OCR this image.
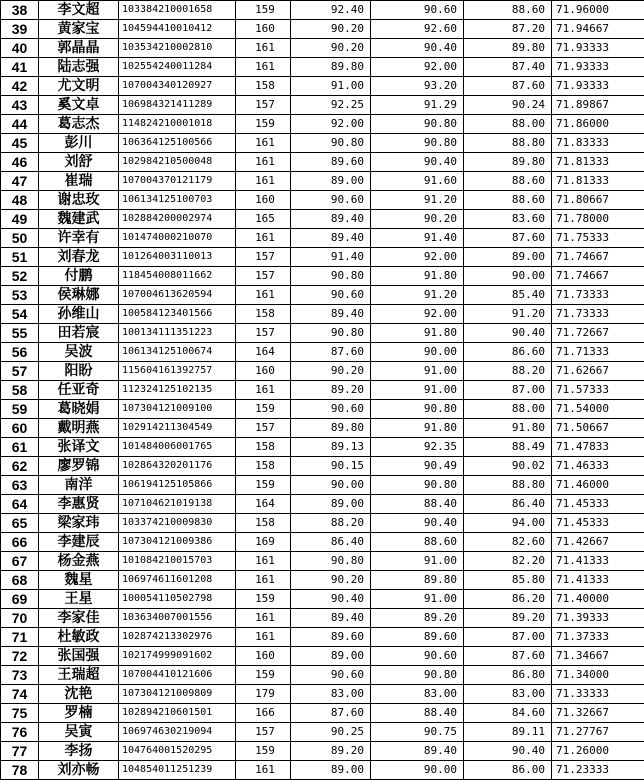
38	李文超	103384210001658	159	92.40	90.60	88.60	71.96000
39	黄家宝	104594410010412	160	90.20	92.60	87.20	71.94667
40	郭晶晶	103534210002810	161	90.20	90.40	89.80	71.93333
41	陆志强	102554240011284	161	89.80	92.00	87.40	71.93333
42	尤文明	107004340120927	158	91.00	93.20	87.60	71.93333
43	奚文卓	106984321411289	157	92.25	91.29	90.24	71.89867
44	葛志杰	114824210001018	159	92.00	90.80	88.00	71.86000
45	彭川	106364125100566	161	90.80	90.80	88.80	71.83333
46	刘舒	102984210500048	161	89.60	90.40	89.80	71.81333
47	崔瑞	107004370121179	161	89.00	91.60	88.60	71.81333
48	谢忠玫	106134125100703	160	90.60	91.20	88.60	71.80667
49	魏建武	102884200002974	165	89.40	90.20	83.60	71.78000
50	许幸有	101474000210070	161	89.40	91.40	87.60	71.75333
51	刘春龙	101264003110013	157	91.40	92.00	89.00	71.74667
52	付鹏	118454008011662	157	90.80	91.80	90.00	71.74667
53	侯琳娜	107004613620594	161	90.60	91.20	85.40	71.73333
54	孙维山	100584123401566	158	89.40	92.00	91.20	71.73333
55	田若宸	100134111351223	157	90.80	91.80	90.40	71.72667
56	吴波	106134125100674	164	87.60	90.00	86.60	71.71333
57	阳盼	115604161392757	160	90.20	91.00	88.20	71.62667
58	任亚奇	112324125102135	161	89.20	91.00	87.00	71.57333
59	葛晓娟	107304121009100	159	90.60	90.80	88.00	71.54000
60	戴明燕	102914211304549	157	89.80	91.80	91.80	71.50667
61	张译文	101484006001765	158	89.13	92.35	88.49	71.47833
62	廖罗锦	102864320201176	158	90.15	90.49	90.02	71.46333
63	南洋	106194125105866	159	90.00	90.80	88.80	71.46000
64	李惠贤	107104621019138	164	89.00	88.40	86.40	71.45333
65	梁家玮	103374210009830	158	88.20	90.40	94.00	71.45333
66	李建辰	107304121009386	169	86.40	88.60	82.60	71.42667
67	杨金燕	101084210015703	161	90.80	91.00	82.20	71.41333
68	魏星	106974611601208	161	90.20	89.80	85.80	71.41333
69	王星	100054110502798	159	90.40	91.00	86.20	71.40000
70	李家佳	103634007001556	161	89.40	89.20	89.20	71.39333
71	杜敏政	102874213302976	161	89.60	89.60	87.00	71.37333
72	张国强	102174999091602	160	89.00	90.60	87.60	71.34667
73	王瑞超	107004410121606	159	90.60	90.80	86.80	71.34000
74	沈艳	107304121009809	179	83.00	83.00	83.00	71.33333
75	罗楠	102894210601501	166	87.60	88.40	84.60	71.32667
76	吴寅	106974630219094	157	90.25	90.75	89.11	71.27767
77	李扬	104764001520295	159	89.20	89.40	90.40	71.26000
78	刘亦畅	104854011251239	161	89.00	90.00	86.00	71.23333
